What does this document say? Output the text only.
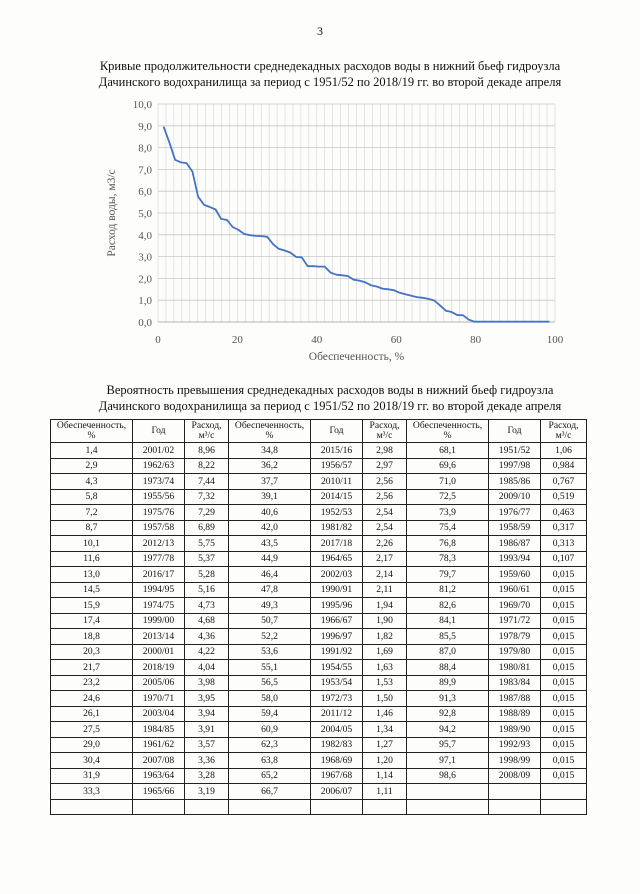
3
Кривые продолжительности среднедекадных расходов воды в нижний бьеф гидроузла
Дачинского водохранилища за период с 1951/52 по 2018/19 гг. во второй декаде апреля
0,0
1,0
2,0
3,0
4,0
5,0
6,0
7,0
8,0
9,0
10,0
0	20	40	60	80	100
Обеспеченность, %
Расход воды, м3/с
Вероятность превышения среднедекадных расходов воды в нижний бьеф гидроузла
Дачинского водохранилища за период с 1951/52 по 2018/19 гг. во второй декаде апреля
Обеспеченность, %	Год	Расход, м³/с	Обеспеченность, %	Год	Расход, м³/с	Обеспеченность, %	Год	Расход, м³/с
1,4	2001/02	8,96	34,8	2015/16	2,98	68,1	1951/52	1,06
2,9	1962/63	8,22	36,2	1956/57	2,97	69,6	1997/98	0,984
4,3	1973/74	7,44	37,7	2010/11	2,56	71,0	1985/86	0,767
5,8	1955/56	7,32	39,1	2014/15	2,56	72,5	2009/10	0,519
7,2	1975/76	7,29	40,6	1952/53	2,54	73,9	1976/77	0,463
8,7	1957/58	6,89	42,0	1981/82	2,54	75,4	1958/59	0,317
10,1	2012/13	5,75	43,5	2017/18	2,26	76,8	1986/87	0,313
11,6	1977/78	5,37	44,9	1964/65	2,17	78,3	1993/94	0,107
13,0	2016/17	5,28	46,4	2002/03	2,14	79,7	1959/60	0,015
14,5	1994/95	5,16	47,8	1990/91	2,11	81,2	1960/61	0,015
15,9	1974/75	4,73	49,3	1995/96	1,94	82,6	1969/70	0,015
17,4	1999/00	4,68	50,7	1966/67	1,90	84,1	1971/72	0,015
18,8	2013/14	4,36	52,2	1996/97	1,82	85,5	1978/79	0,015
20,3	2000/01	4,22	53,6	1991/92	1,69	87,0	1979/80	0,015
21,7	2018/19	4,04	55,1	1954/55	1,63	88,4	1980/81	0,015
23,2	2005/06	3,98	56,5	1953/54	1,53	89,9	1983/84	0,015
24,6	1970/71	3,95	58,0	1972/73	1,50	91,3	1987/88	0,015
26,1	2003/04	3,94	59,4	2011/12	1,46	92,8	1988/89	0,015
27,5	1984/85	3,91	60,9	2004/05	1,34	94,2	1989/90	0,015
29,0	1961/62	3,57	62,3	1982/83	1,27	95,7	1992/93	0,015
30,4	2007/08	3,36	63,8	1968/69	1,20	97,1	1998/99	0,015
31,9	1963/64	3,28	65,2	1967/68	1,14	98,6	2008/09	0,015
33,3	1965/66	3,19	66,7	2006/07	1,11			
